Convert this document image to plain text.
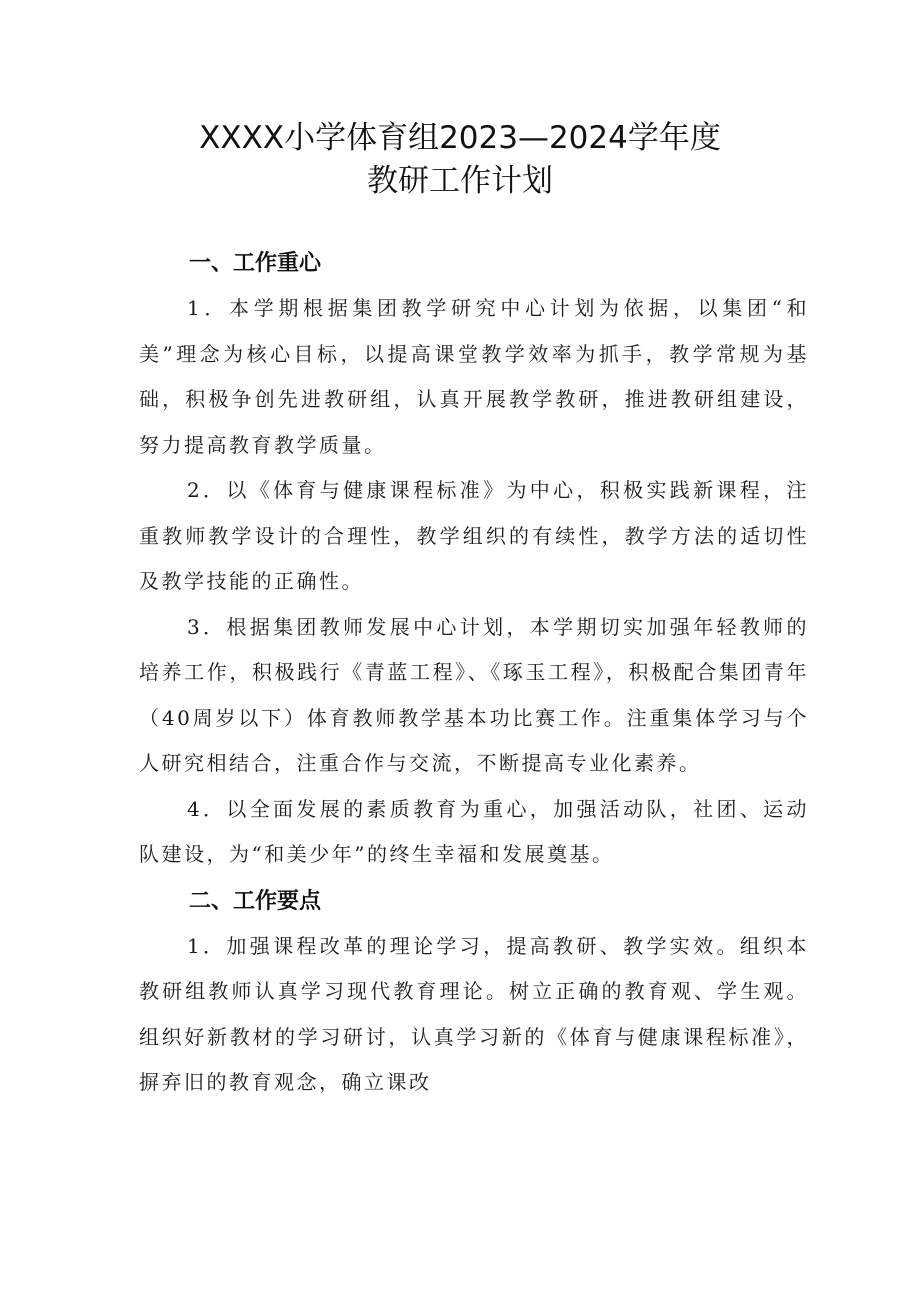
XXXX小学体育组2023—2024学年度
教研工作计划
一、工作重心

1．本学期根据集团教学研究中心计划为依据，以集团“和美”理念为核心目标，以提高课堂教学效率为抓手，教学常规为基础，积极争创先进教研组，认真开展教学教研，推进教研组建设，努力提高教育教学质量。

2．以《体育与健康课程标准》为中心，积极实践新课程，注重教师教学设计的合理性，教学组织的有续性，教学方法的适切性及教学技能的正确性。

3．根据集团教师发展中心计划，本学期切实加强年轻教师的培养工作，积极践行《青蓝工程》、《琢玉工程》，积极配合集团青年（40周岁以下）体育教师教学基本功比赛工作。注重集体学习与个人研究相结合，注重合作与交流，不断提高专业化素养。

4．以全面发展的素质教育为重心，加强活动队，社团、运动队建设，为“和美少年”的终生幸福和发展奠基。

二、工作要点

1．加强课程改革的理论学习，提高教研、教学实效。组织本教研组教师认真学习现代教育理论。树立正确的教育观、学生观。组织好新教材的学习研讨，认真学习新的《体育与健康课程标准》，摒弃旧的教育观念，确立课改
